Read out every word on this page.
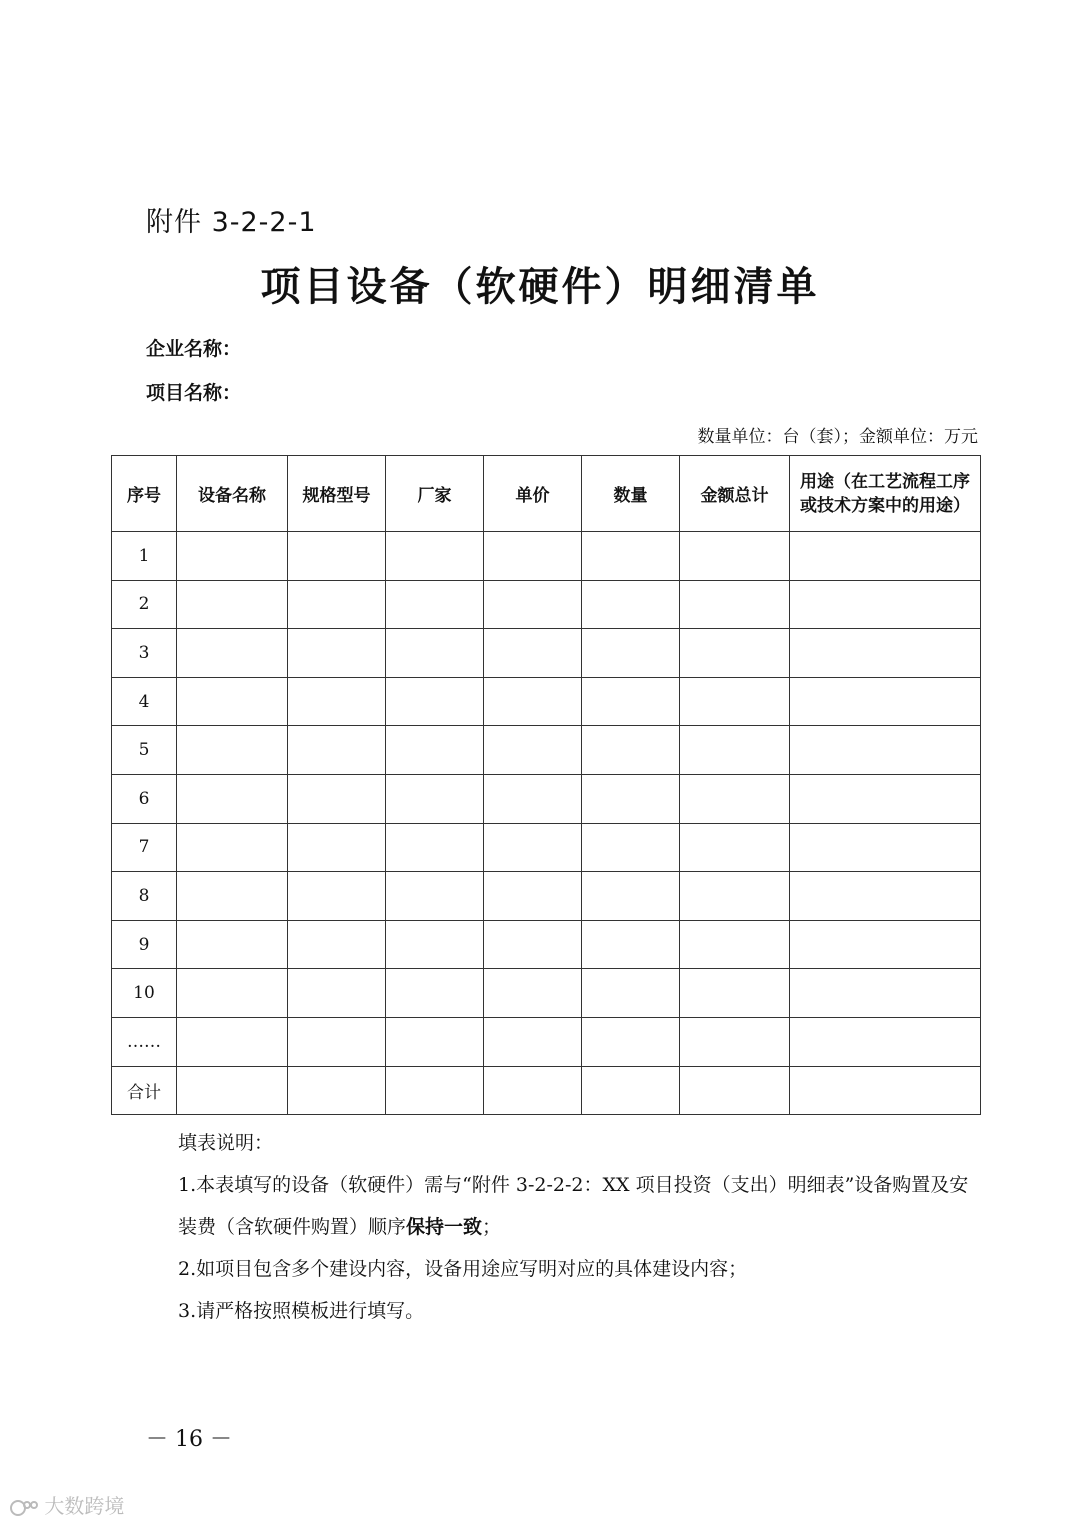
附件 3-2-2-1
项目设备（软硬件）明细清单
企业名称：
项目名称：
数量单位：台（套）；金额单位：万元
序号	设备名称	规格型号	厂家	单价	数量	金额总计	用途（在工艺流程工序
或技术方案中的用途）

1							
2							
3							
4							
5							
6							
7							
8							
9							
10							
……							
合计							

填表说明：

1.本表填写的设备（软硬件）需与“附件 3-2-2-2：XX 项目投资（支出）明细表”设备购置及安装费（含软硬件购置）顺序保持一致；

2.如项目包含多个建设内容，设备用途应写明对应的具体建设内容；

3.请严格按照模板进行填写。

－ 16 －
大数跨境
